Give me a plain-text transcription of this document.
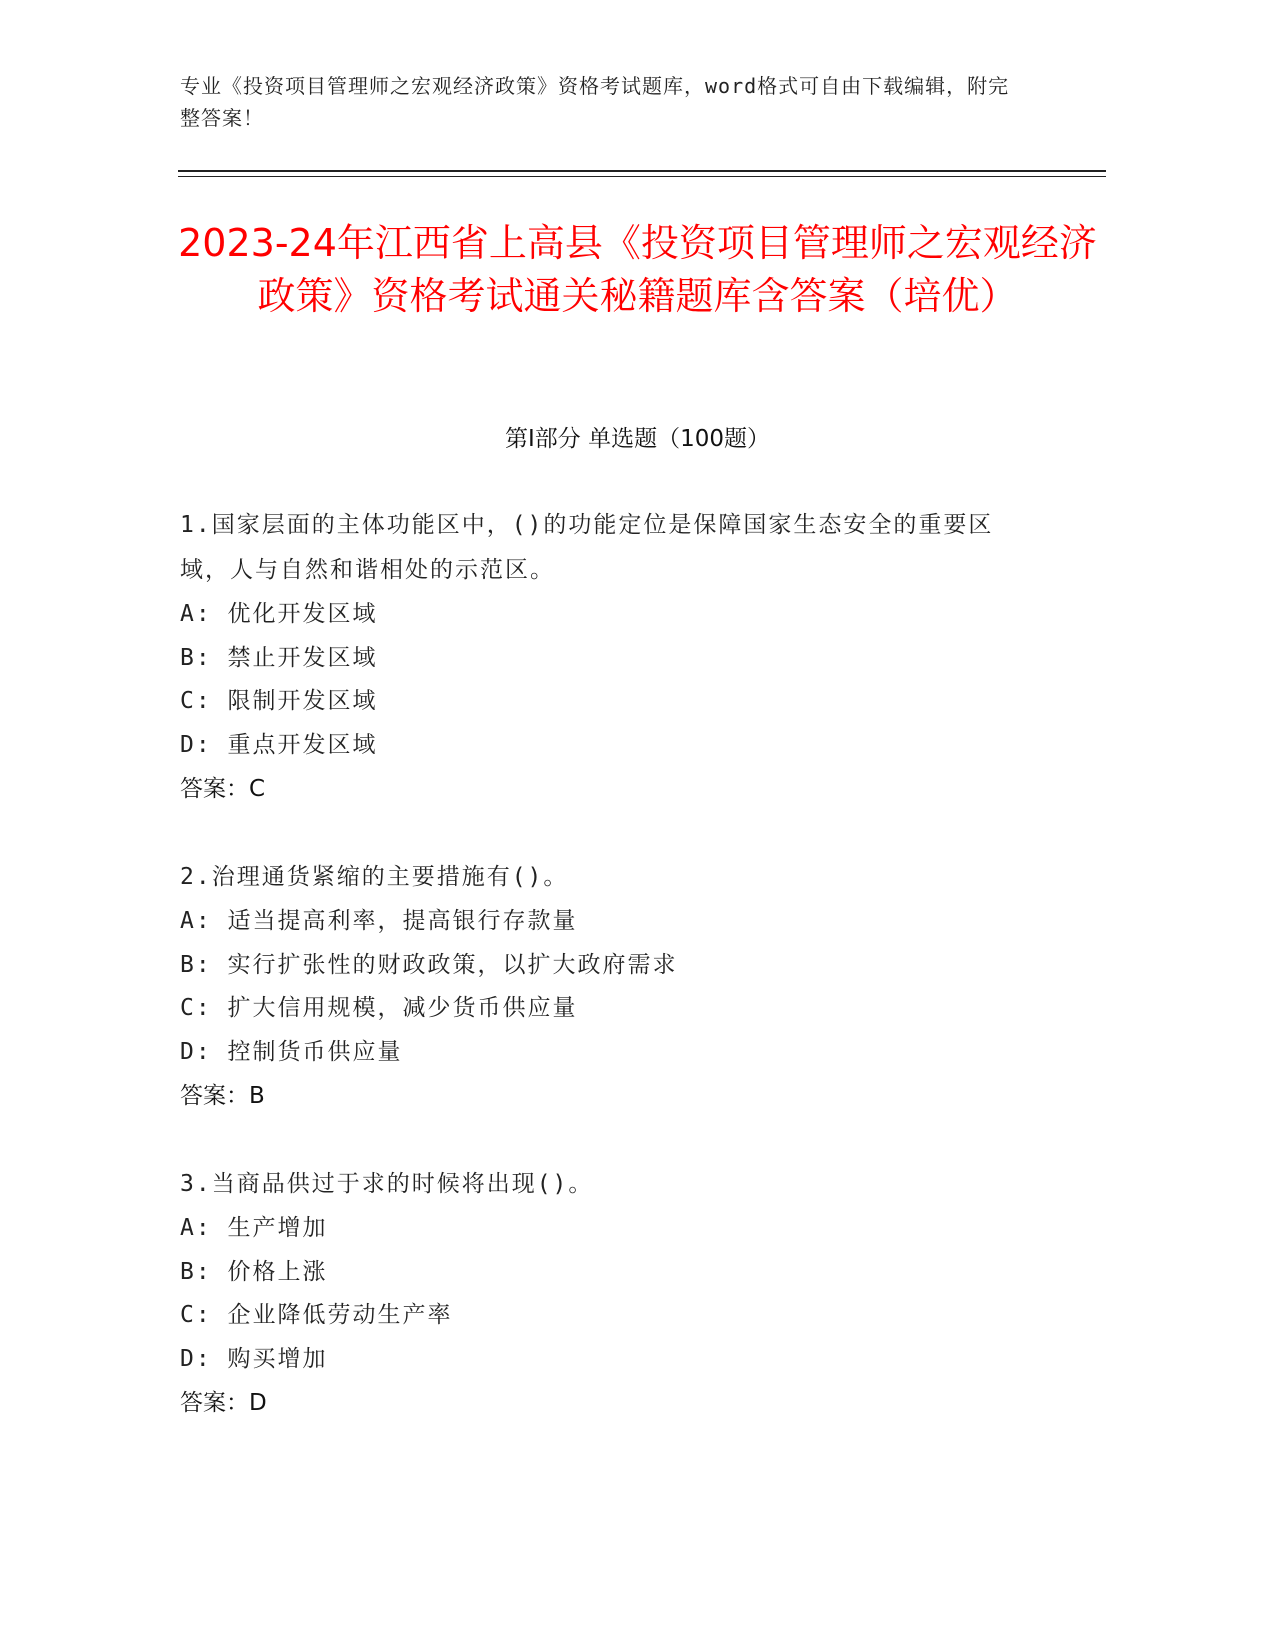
专业《投资项目管理师之宏观经济政策》资格考试题库，word格式可自由下载编辑，附完整答案！
2023-24年江西省上高县《投资项目管理师之宏观经济政策》资格考试通关秘籍题库含答案（培优）
第Ⅰ部分 单选题（100题）
1.国家层面的主体功能区中，()的功能定位是保障国家生态安全的重要区域，人与自然和谐相处的示范区。
A: 优化开发区域
B: 禁止开发区域
C: 限制开发区域
D: 重点开发区域
答案：C
2.治理通货紧缩的主要措施有()。
A: 适当提高利率，提高银行存款量
B: 实行扩张性的财政政策，以扩大政府需求
C: 扩大信用规模，减少货币供应量
D: 控制货币供应量
答案：B
3.当商品供过于求的时候将出现()。
A: 生产增加
B: 价格上涨
C: 企业降低劳动生产率
D: 购买增加
答案：D
